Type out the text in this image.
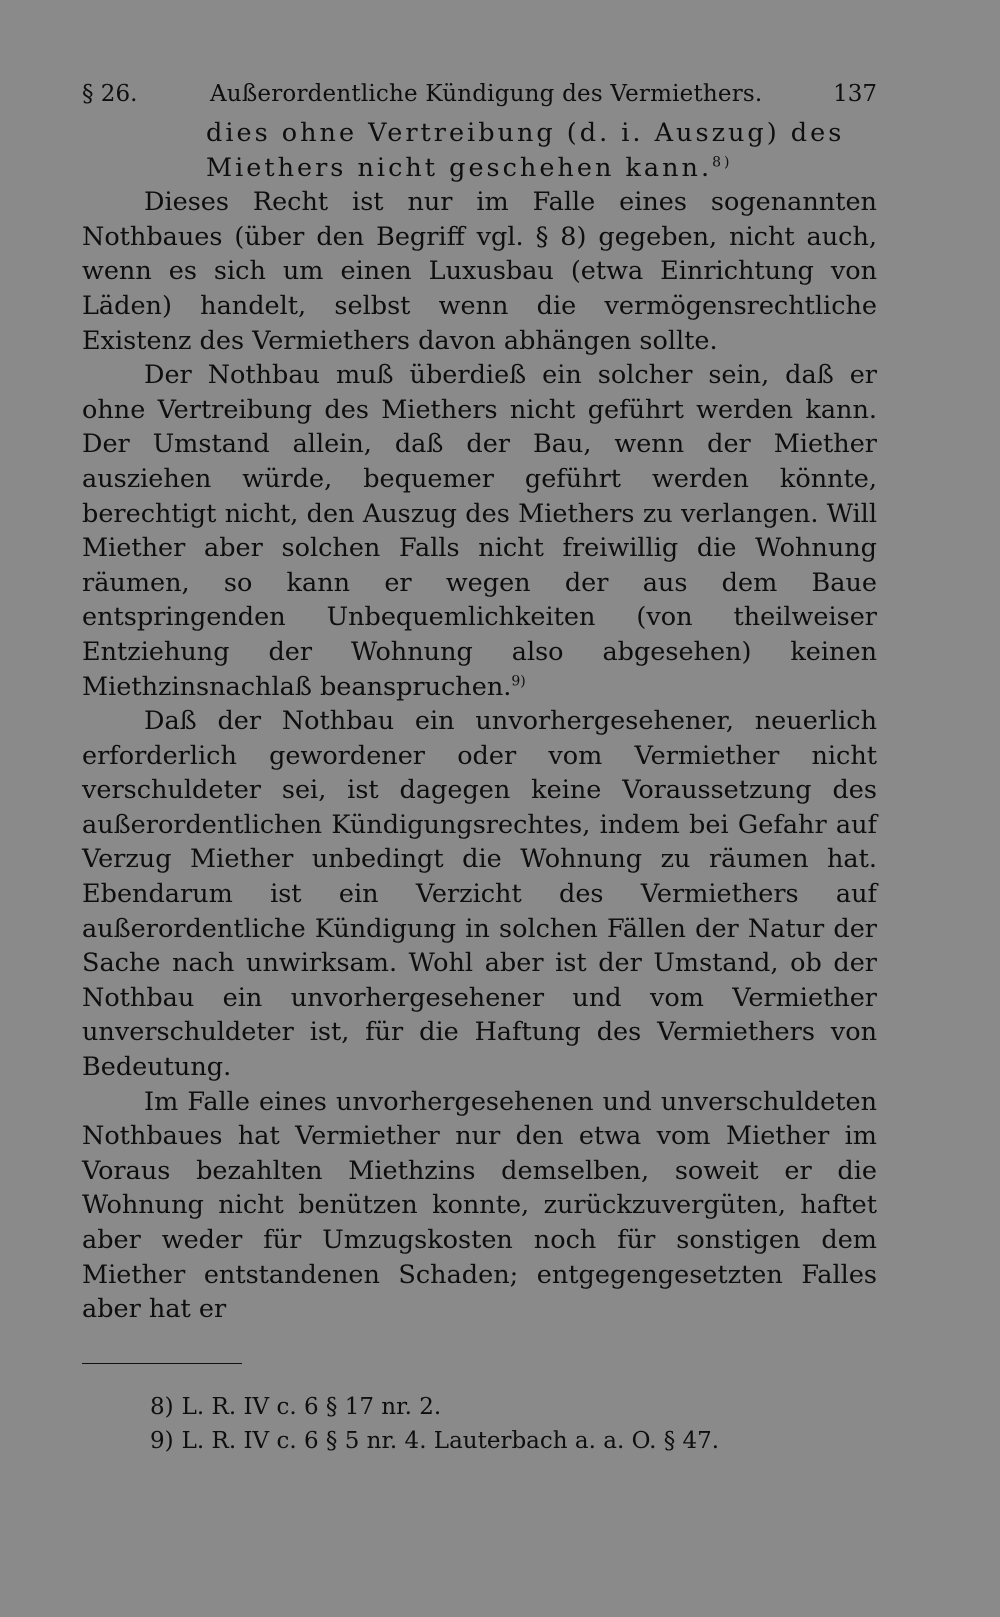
§ 26.	Außerordentliche Kündigung des Vermiethers.	137
dies ohne Vertreibung (d. i. Auszug) des
Miethers nicht geschehen kann.$^{8)}$

Dieses Recht ist nur im Falle eines sogenannten Nothbaues (über den Begriff vgl. § 8) gegeben, nicht auch, wenn es sich um einen Luxusbau (etwa Einrichtung von Läden) handelt, selbst wenn die vermögensrechtliche Existenz des Vermiethers davon abhängen sollte.

Der Nothbau muß überdieß ein solcher sein, daß er ohne Vertreibung des Miethers nicht geführt werden kann. Der Umstand allein, daß der Bau, wenn der Miether ausziehen würde, bequemer geführt werden könnte, berechtigt nicht, den Auszug des Miethers zu verlangen. Will Miether aber solchen Falls nicht freiwillig die Wohnung räumen, so kann er wegen der aus dem Baue entspringenden Unbequemlichkeiten (von theilweiser Entziehung der Wohnung also abgesehen) keinen Miethzinsnachlaß beanspruchen.$^{9)}$

Daß der Nothbau ein unvorhergesehener, neuerlich erforderlich gewordener oder vom Vermiether nicht verschuldeter sei, ist dagegen keine Voraussetzung des außerordentlichen Kündigungsrechtes, indem bei Gefahr auf Verzug Miether unbedingt die Wohnung zu räumen hat. Ebendarum ist ein Verzicht des Vermiethers auf außerordentliche Kündigung in solchen Fällen der Natur der Sache nach unwirksam. Wohl aber ist der Umstand, ob der Nothbau ein unvorhergesehener und vom Vermiether unverschuldeter ist, für die Haftung des Vermiethers von Bedeutung.

Im Falle eines unvorhergesehenen und unverschuldeten Nothbaues hat Vermiether nur den etwa vom Miether im Voraus bezahlten Miethzins demselben, soweit er die Wohnung nicht benützen konnte, zurückzuvergüten, haftet aber weder für Umzugskosten noch für sonstigen dem Miether entstandenen Schaden; entgegengesetzten Falles aber hat er

8) L. R. IV c. 6 § 17 nr. 2.
9) L. R. IV c. 6 § 5 nr. 4. Lauterbach a. a. O. § 47.
